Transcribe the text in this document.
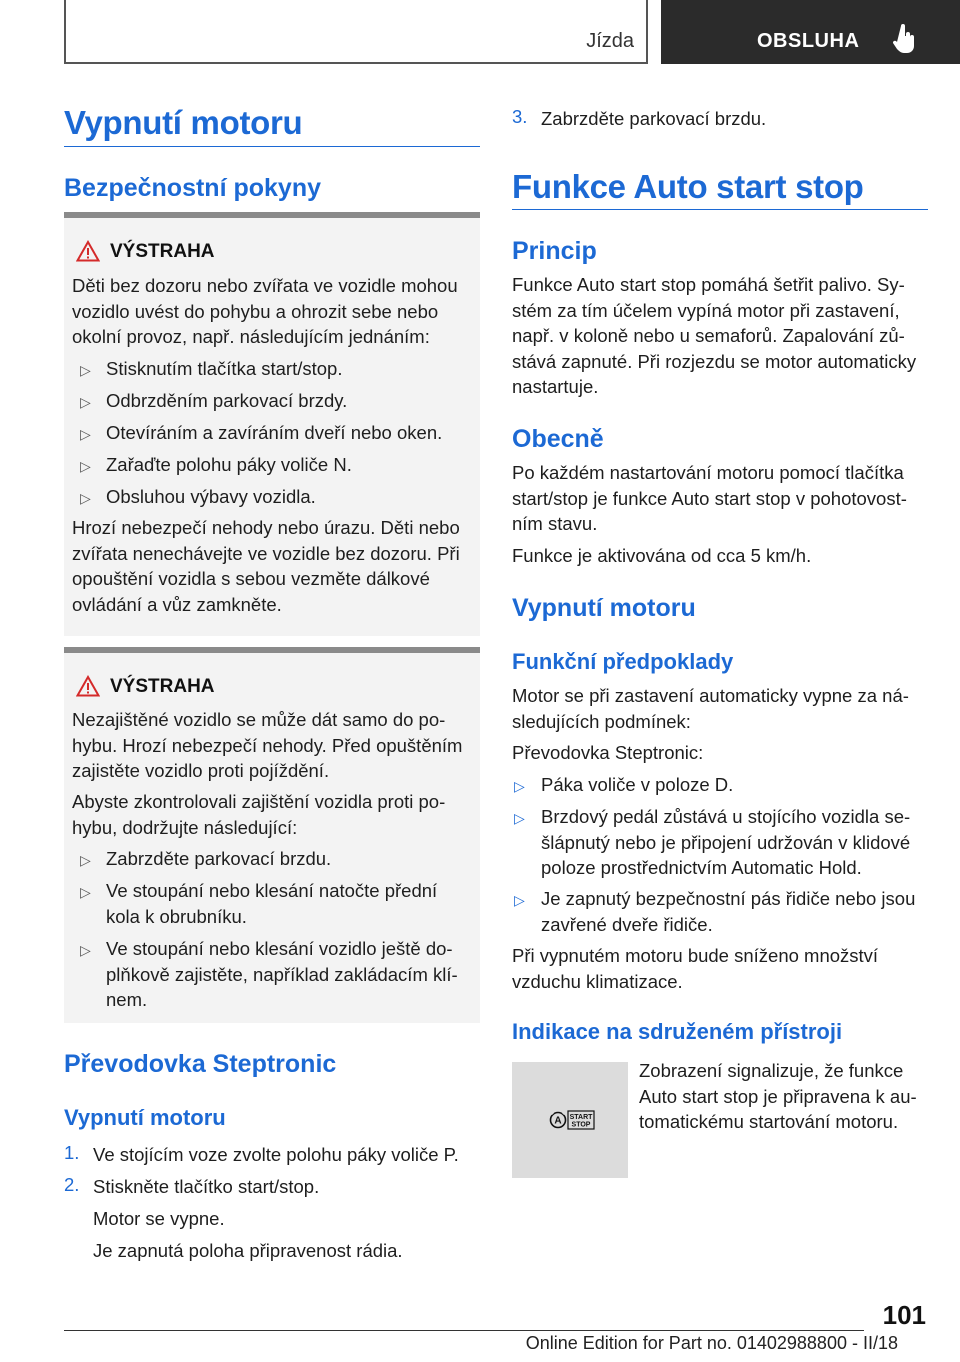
Jízda	OBSLUHA
Vypnutí motoru
Bezpečnostní pokyny
VÝSTRAHA

Děti bez dozoru nebo zvířata ve vozidle mohou

vozidlo uvést do pohybu a ohrozit sebe nebo

okolní provoz, např. následujícím jednáním:

▷ Stisknutím tlačítka start/stop.
▷ Odbrzděním parkovací brzdy.
▷ Otevíráním a zavíráním dveří nebo oken.
▷ Zařaďte polohu páky voliče N.
▷ Obsluhou výbavy vozidla.

Hrozí nebezpečí nehody nebo úrazu. Děti nebo

zvířata nenechávejte ve vozidle bez dozoru. Při

opouštění vozidla s sebou vezměte dálkové

ovládání a vůz zamkněte.

VÝSTRAHA

Nezajištěné vozidlo se může dát samo do po-

hybu. Hrozí nebezpečí nehody. Před opuštěním

zajistěte vozidlo proti pojíždění.

Abyste zkontrolovali zajištění vozidla proti po-

hybu, dodržujte následující:

▷ Zabrzděte parkovací brzdu.
▷ Ve stoupání nebo klesání natočte přední

kola k obrubníku.

▷ Ve stoupání nebo klesání vozidlo ještě do-

plňkově zajistěte, například zakládacím klí-

nem.

Převodovka Steptronic
Vypnutí motoru
1. Ve stojícím voze zvolte polohu páky voliče P.
2. Stiskněte tlačítko start/stop.
Motor se vypne.
Je zapnutá poloha připravenost rádia.
3. Zabrzděte parkovací brzdu.
Funkce Auto start stop
Princip

Funkce Auto start stop pomáhá šetřit palivo. Sy-

stém za tím účelem vypíná motor při zastavení,

např. v koloně nebo u semaforů. Zapalování zů-

stává zapnuté. Při rozjezdu se motor automaticky

nastartuje.

Obecně

Po každém nastartování motoru pomocí tlačítka

start/stop je funkce Auto start stop v pohotovost-

ním stavu.

Funkce je aktivována od cca 5 km/h.
Vypnutí motoru
Funkční předpoklady

Motor se při zastavení automaticky vypne za ná-

sledujících podmínek:

Převodovka Steptronic:
▷ Páka voliče v poloze D.
▷ Brzdový pedál zůstává u stojícího vozidla se-

šlápnutý nebo je připojení udržován v klidové

poloze prostřednictvím Automatic Hold.

▷ Je zapnutý bezpečnostní pás řidiče nebo jsou

zavřené dveře řidiče.

Při vypnutém motoru bude sníženo množství

vzduchu klimatizace.

Indikace na sdruženém přístroji
A START
STOP

Zobrazení signalizuje, že funkce

Auto start stop je připravena k au-

tomatickému startování motoru.

101
Online Edition for Part no. 01402988800 - II/18
